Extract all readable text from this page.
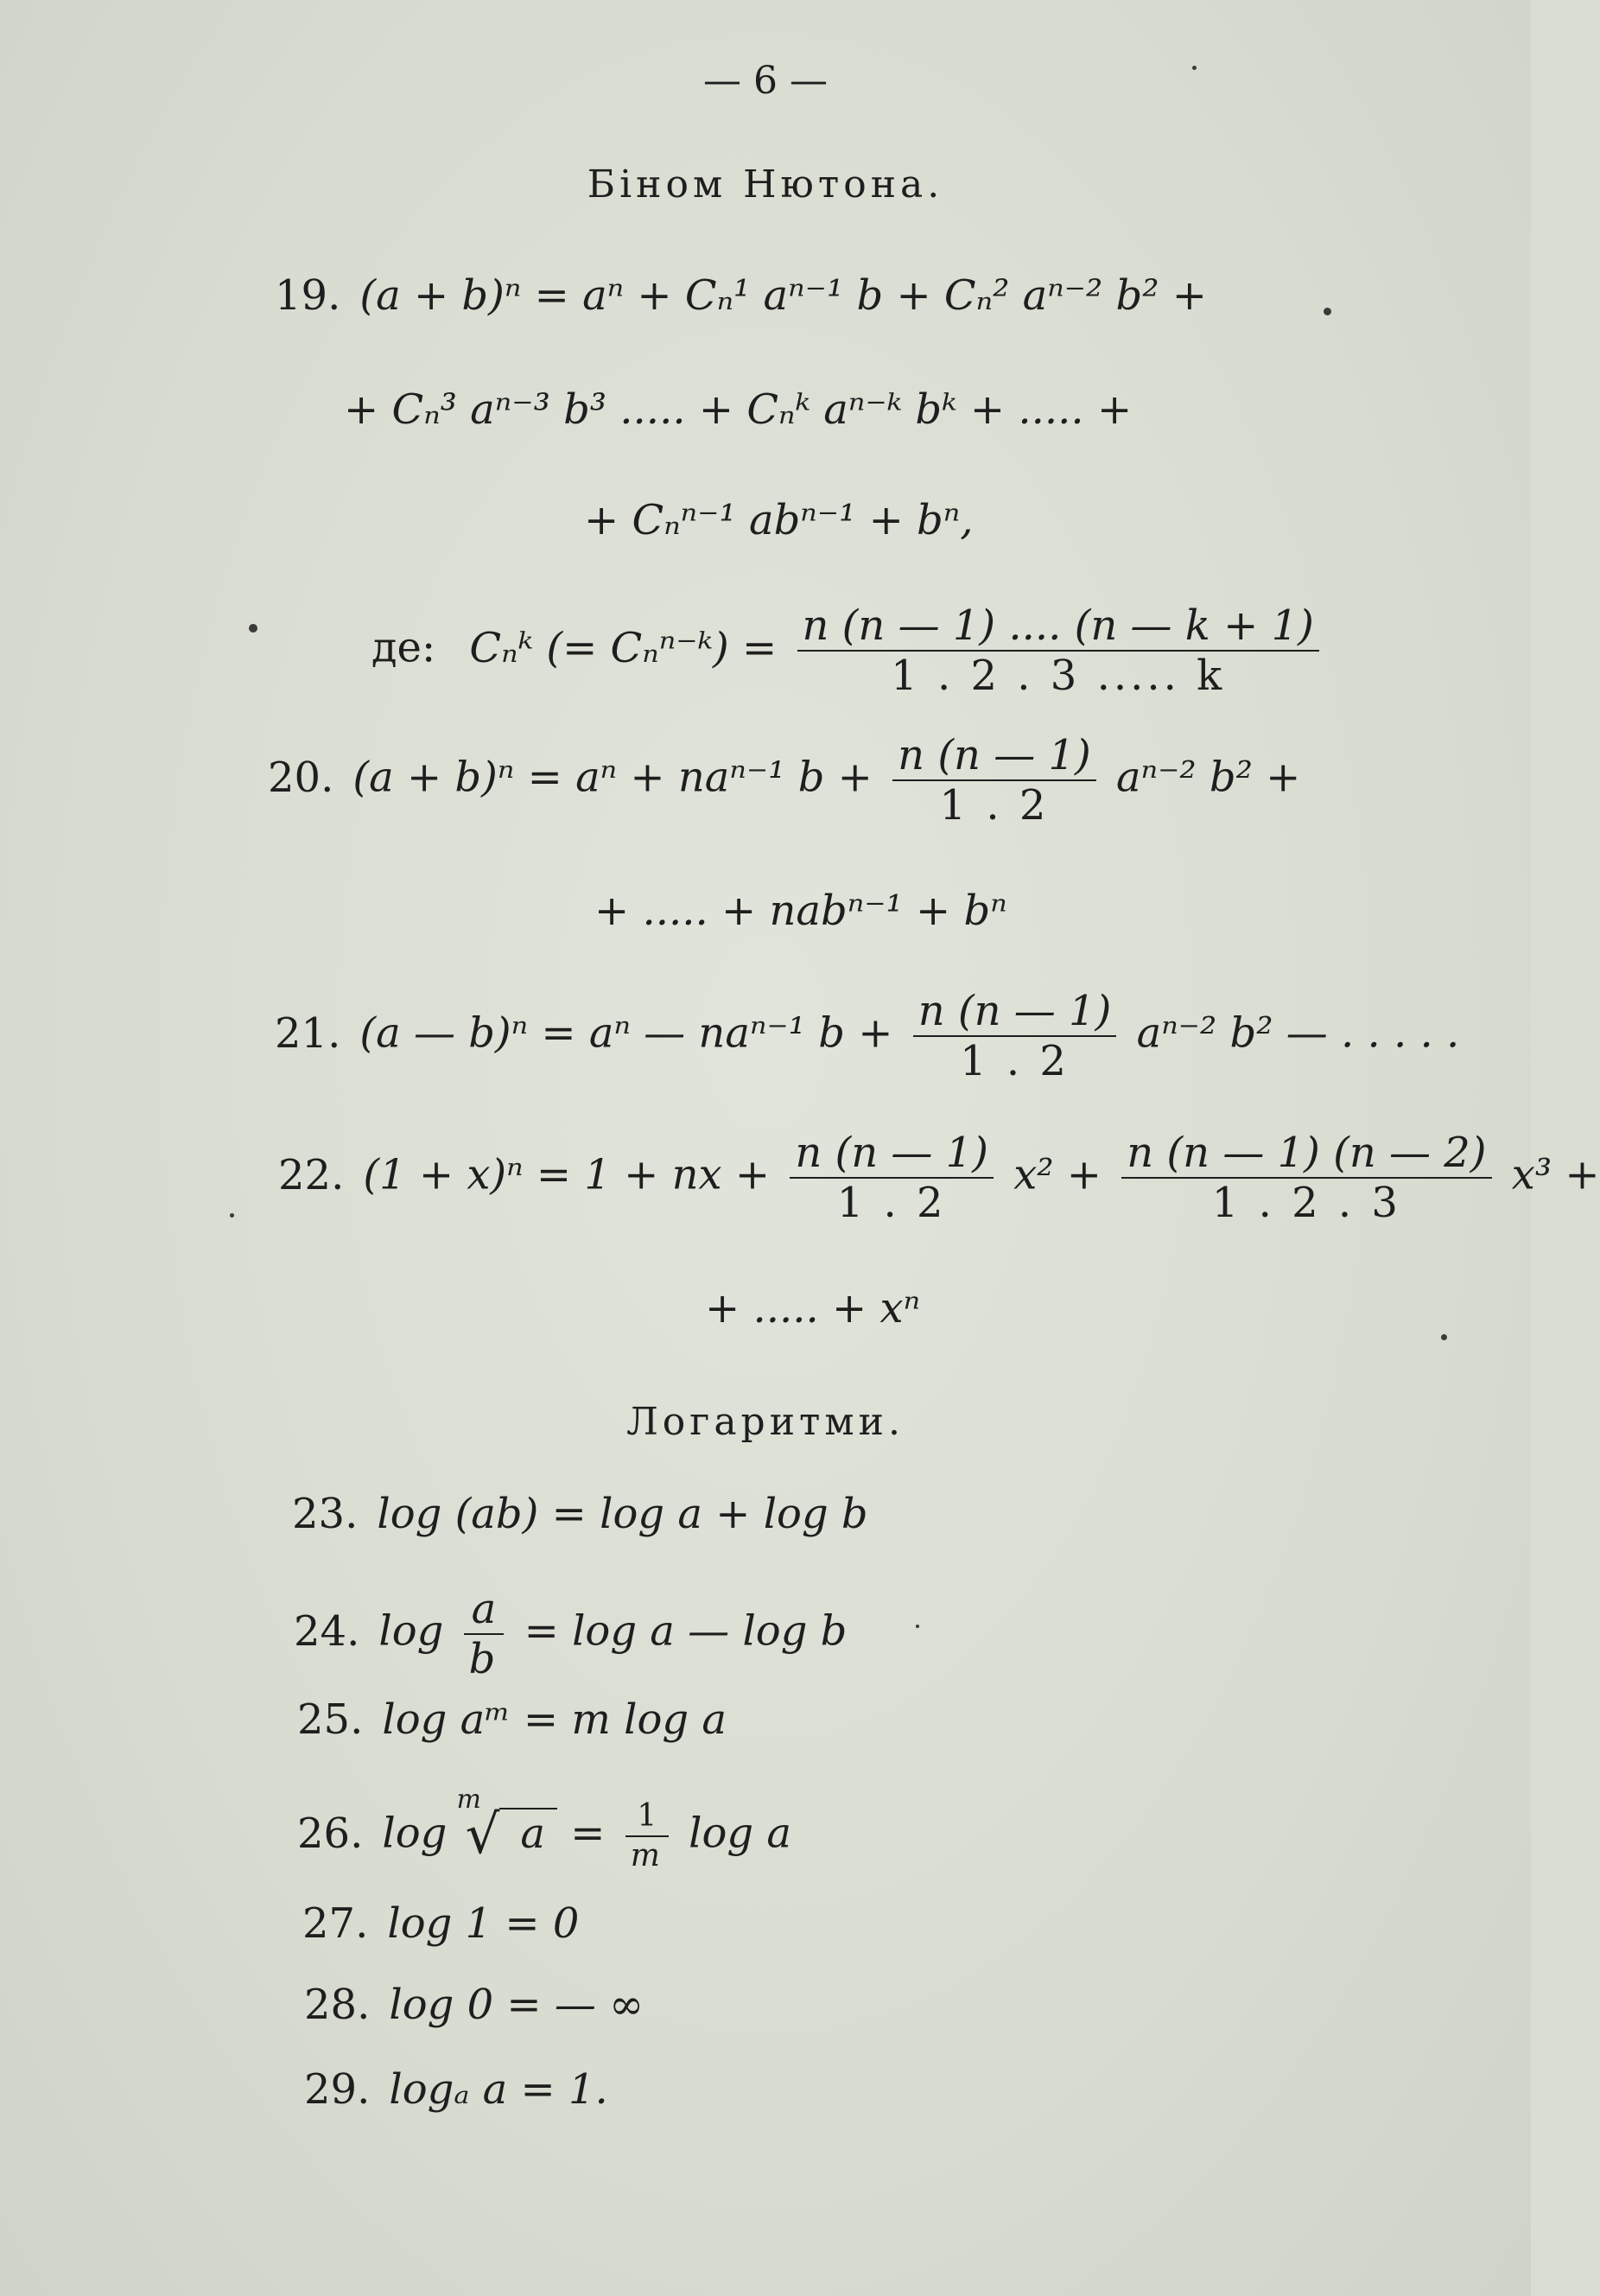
— 6 —
Біном Нютона.
19. (a + b)ⁿ = aⁿ + Cₙ¹ aⁿ⁻¹ b + Cₙ² aⁿ⁻² b² +
+ Cₙ³ aⁿ⁻³ b³ ..... + Cₙᵏ aⁿ⁻ᵏ bᵏ + ..... +
+ Cₙⁿ⁻¹ abⁿ⁻¹ + bⁿ,
де: Cₙᵏ (= Cₙⁿ⁻ᵏ) = $\frac{n (n — 1) .... (n — k + 1)}{1 . 2 . 3 ..... k}$
20. (a + b)ⁿ = aⁿ + naⁿ⁻¹ $b + \frac{n (n — 1)}{1 . 2} a^{n-2}$ b² +
+ ..... + nabⁿ⁻¹ + bⁿ
21. (a — b)ⁿ = aⁿ — naⁿ⁻¹ $b + \frac{n (n — 1)}{1 . 2} a^{n-2}$ b² — . . . . .
22. (1 + x)ⁿ = 1 + nx + $\frac{n (n — 1)}{1 . 2} x^2 + \frac{n (n — 1) (n — 2)}{1 . 2 . 3} x^3$ +
+ ..... + xⁿ
Логаритми.
23. log (ab) = log a + log b
24. $\log \frac{a}{b} = \log a$ — log b
25. log aᵐ = m log a
26. log
m
√ $a = \frac{1}{m}$ log a
27. log 1 = 0
28. log 0 = — ∞
29. logₐ a = 1.
